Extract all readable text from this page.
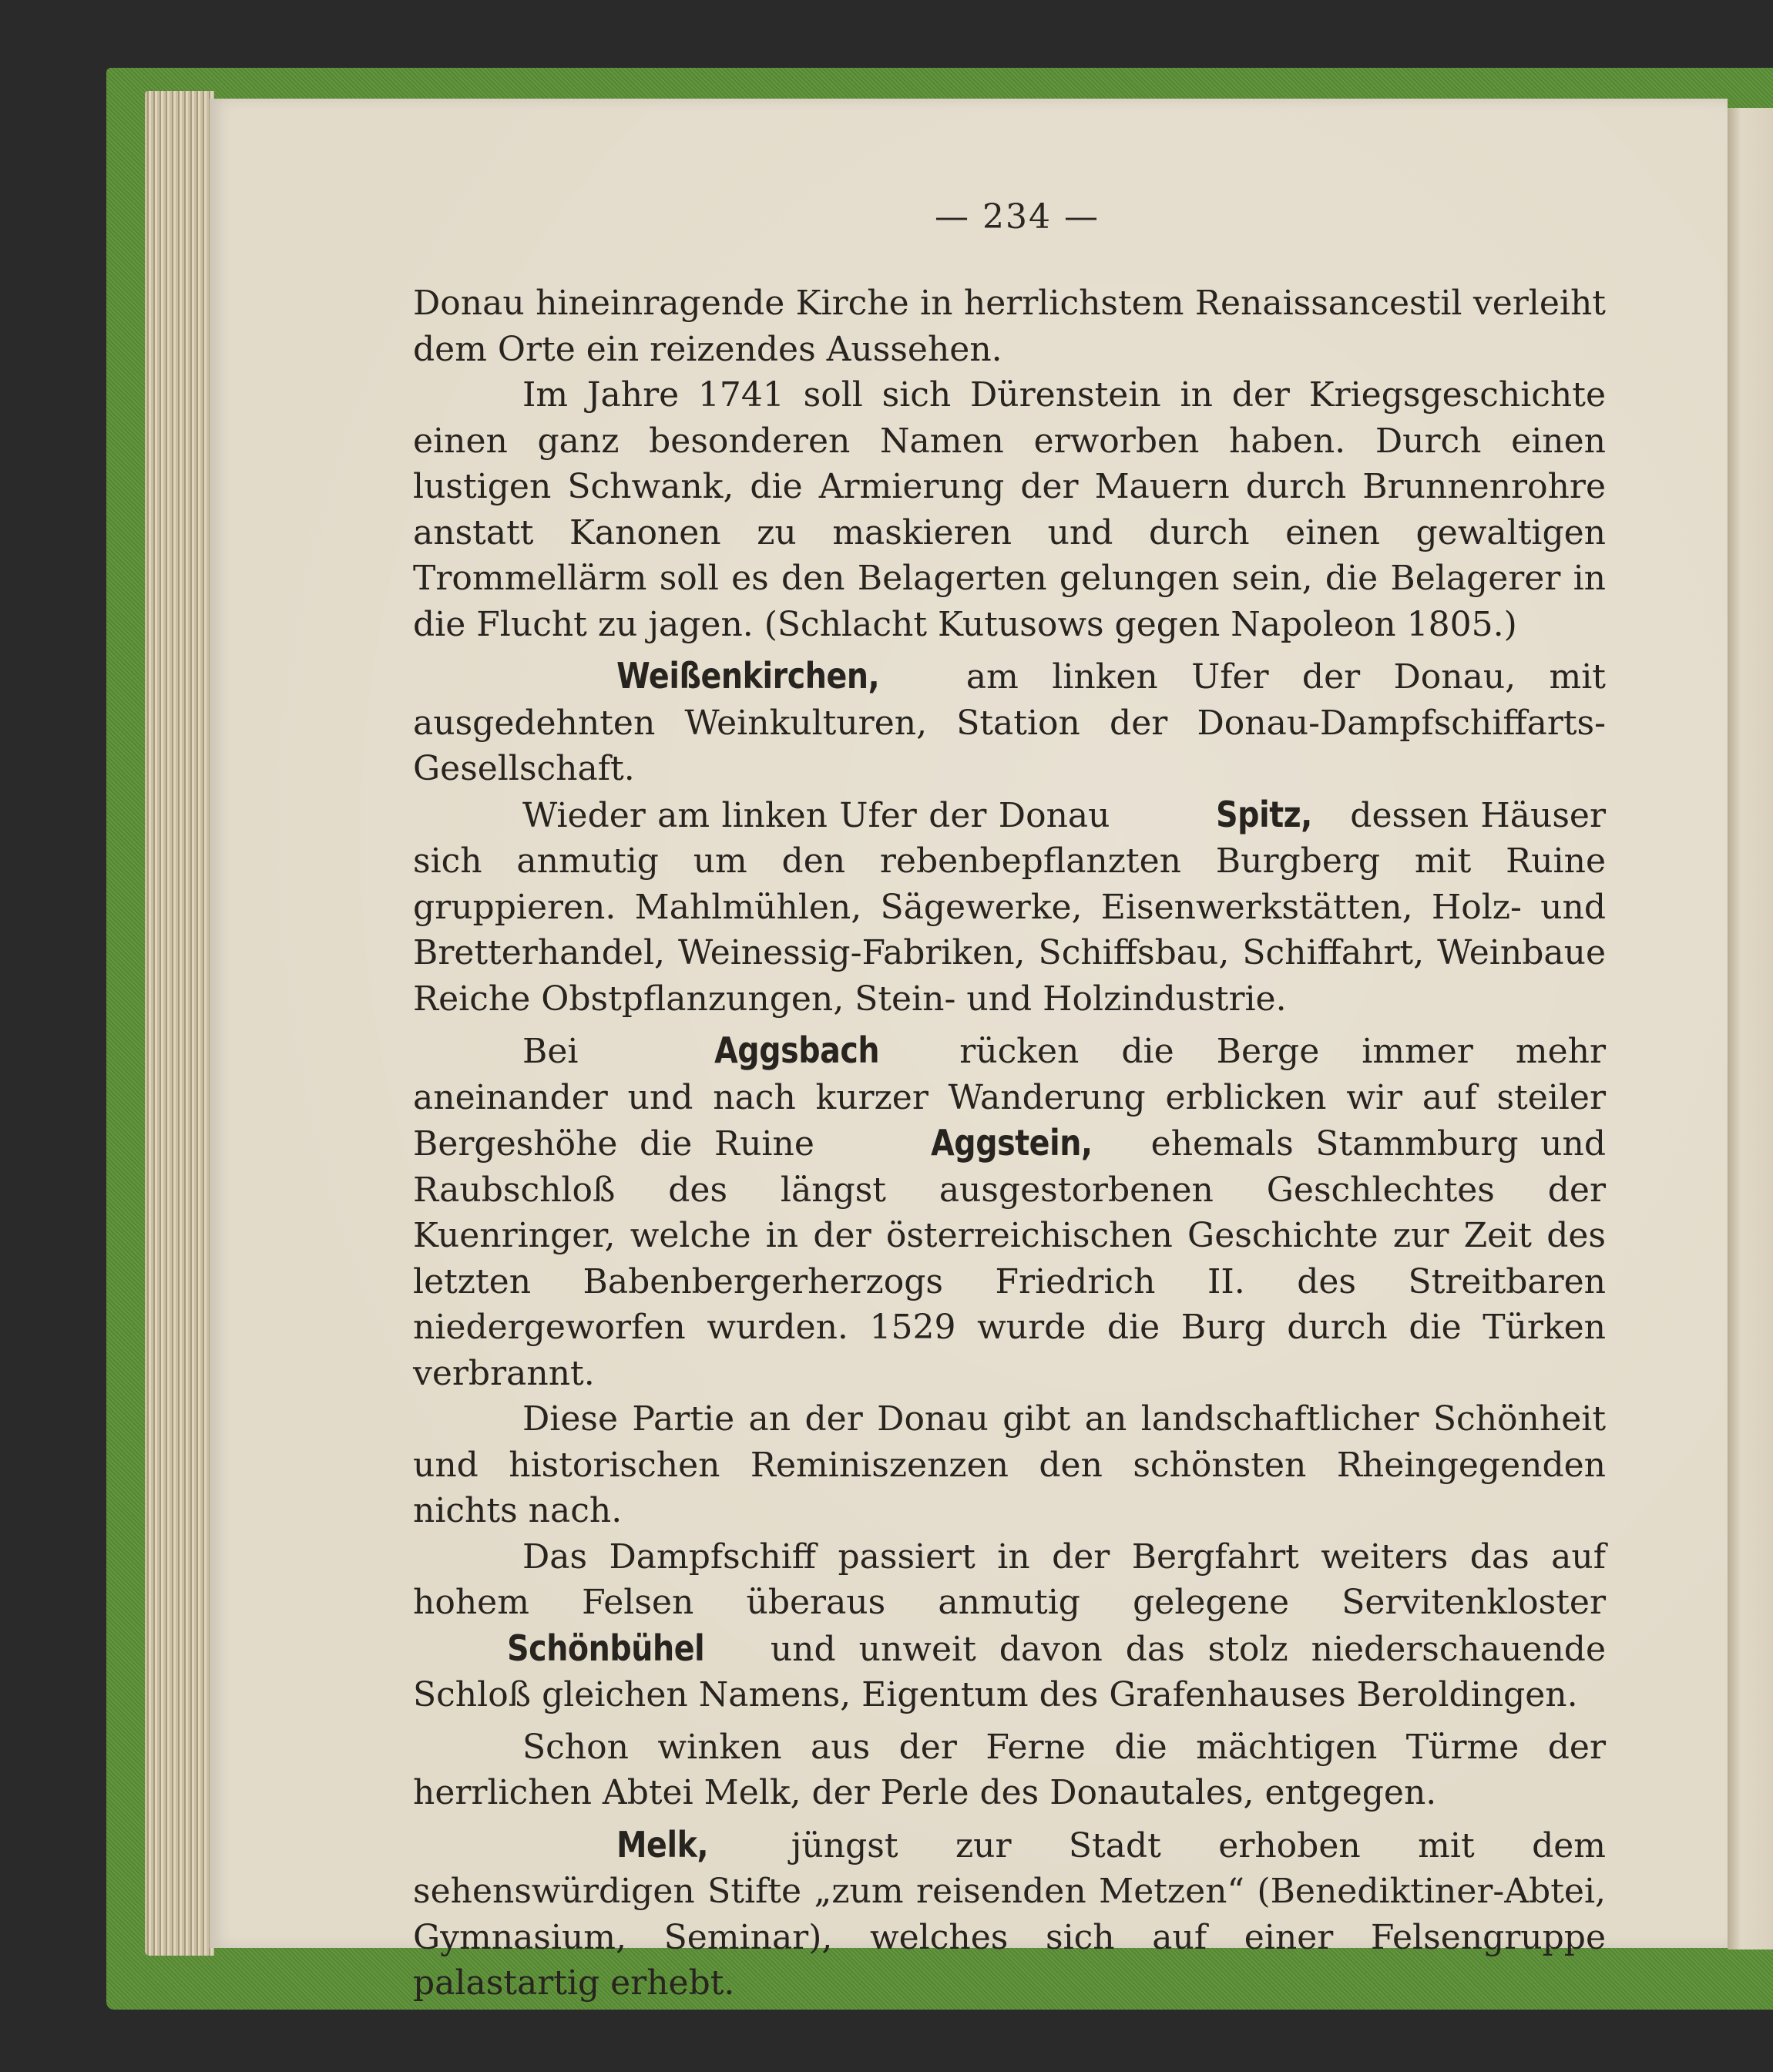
— 234 —

Donau hineinragende Kirche in herrlichstem Renaissancestil verleiht dem Orte ein reizendes Aussehen.

Im Jahre 1741 soll sich Dürenstein in der Kriegsgeschichte einen ganz besonderen Namen erworben haben. Durch einen lustigen Schwank, die Armierung der Mauern durch Brunnenrohre anstatt Kanonen zu maskieren und durch einen gewaltigen Trommellärm soll es den Belagerten gelungen sein, die Belagerer in die Flucht zu jagen. (Schlacht Kutusows gegen Napoleon 1805.)

Weißenkirchen, am linken Ufer der Donau, mit ausgedehnten Weinkulturen, Station der Donau-Dampfschiffarts-Gesellschaft.

Wieder am linken Ufer der Donau	Spitz, dessen Häuser sich anmutig um den rebenbepflanzten Burgberg mit Ruine gruppieren. Mahlmühlen, Sägewerke, Eisenwerkstätten, Holz- und Bretterhandel, Weinessig-Fabriken, Schiffsbau, Schiffahrt, Weinbaue Reiche Obstpflanzungen, Stein- und Holzindustrie.

Bei	Aggsbach rücken die Berge immer mehr aneinander und nach kurzer Wanderung erblicken wir auf steiler Bergeshöhe die Ruine	Aggstein, ehemals Stammburg und Raubschloß des längst ausgestorbenen Geschlechtes der Kuenringer, welche in der österreichischen Geschichte zur Zeit des letzten Babenbergerherzogs Friedrich II. des Streitbaren niedergeworfen wurden. 1529 wurde die Burg durch die Türken verbrannt.

Diese Partie an der Donau gibt an landschaftlicher Schönheit und historischen Reminiszenzen den schönsten Rheingegenden nichts nach.

Das Dampfschiff passiert in der Bergfahrt weiters das auf hohem Felsen überaus anmutig gelegene Servitenkloster Schönbühel und unweit davon das stolz niederschauende Schloß gleichen Namens, Eigentum des Grafenhauses Beroldingen.

Schon winken aus der Ferne die mächtigen Türme der herrlichen Abtei Melk, der Perle des Donautales, entgegen.

Melk, jüngst zur Stadt erhoben mit dem sehenswürdigen Stifte „zum reisenden Metzen“ (Benediktiner-Abtei, Gymnasium, Seminar), welches sich auf einer Felsengruppe palastartig erhebt.
